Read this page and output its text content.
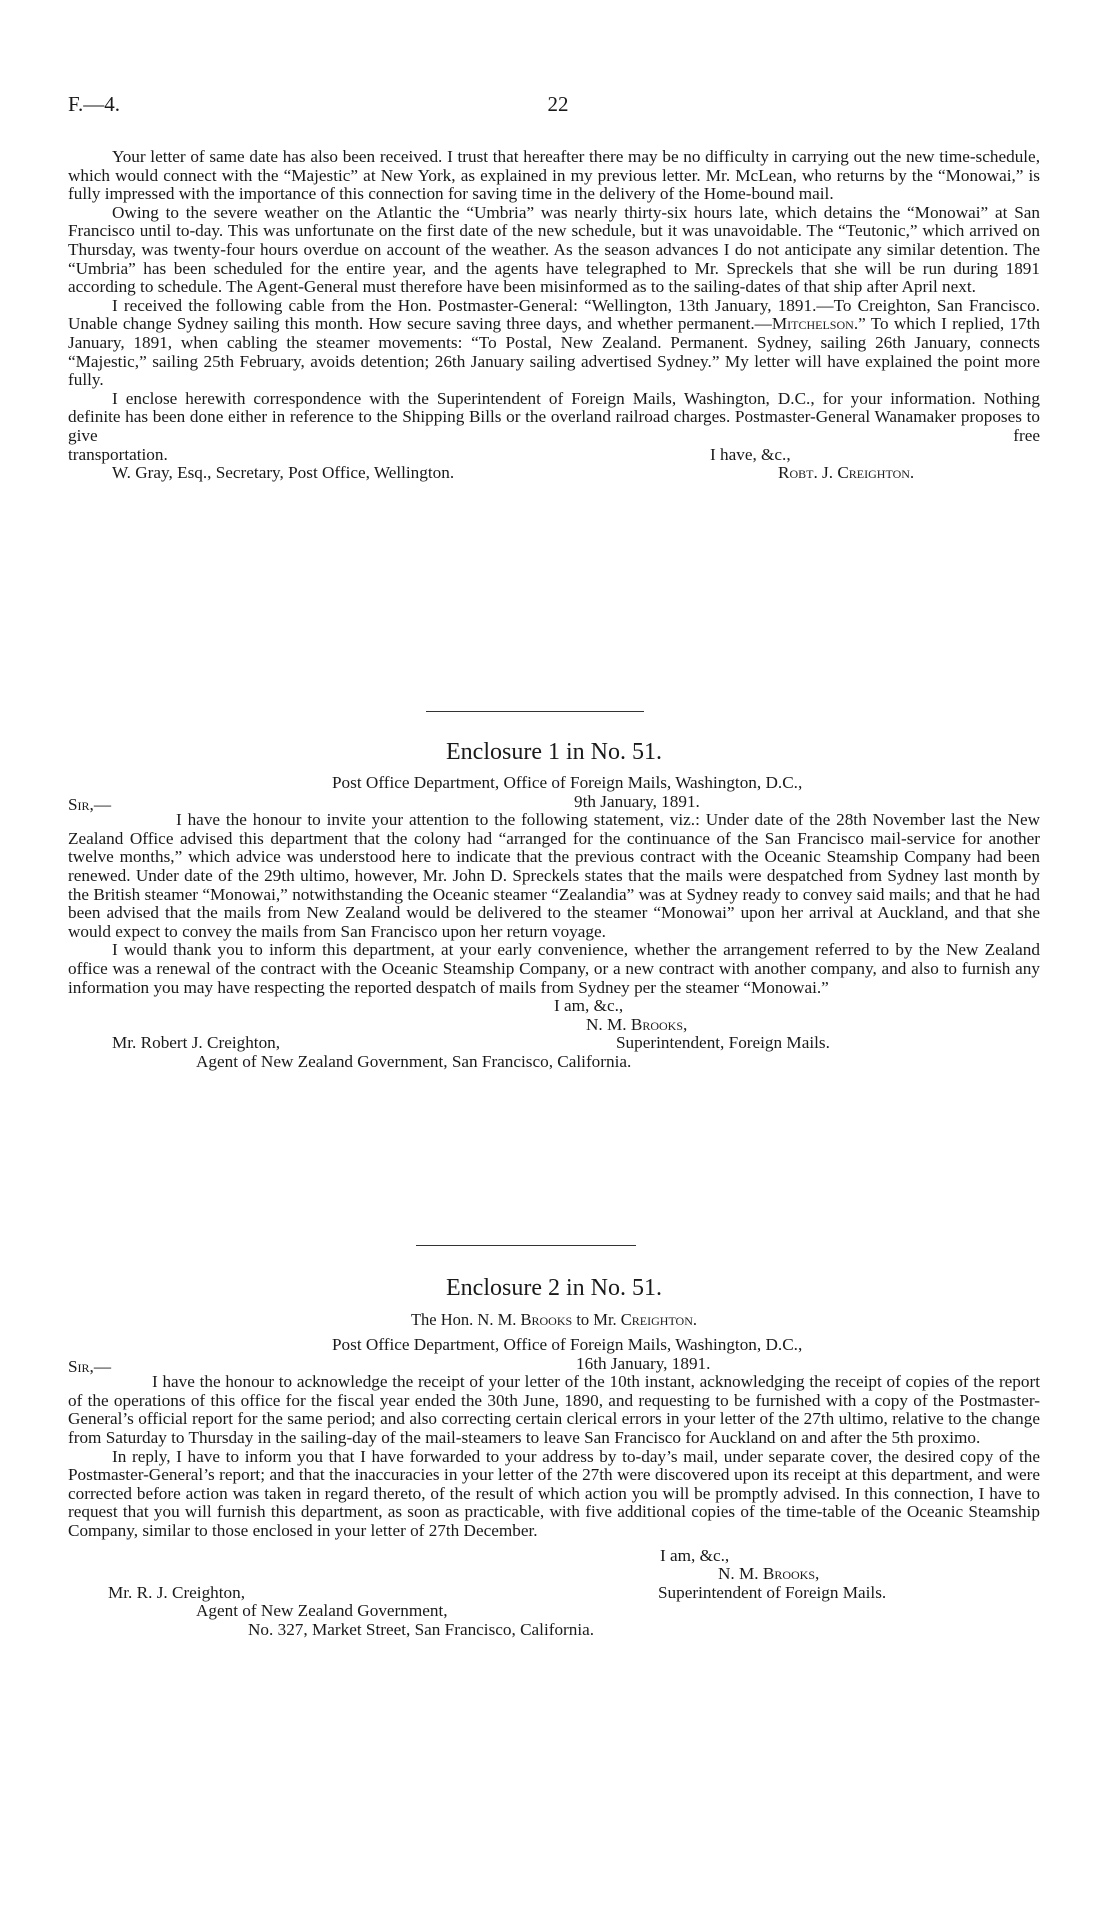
F.—4.	22

Your letter of same date has also been received. I trust that hereafter there may be no difficulty in carrying out the new time-schedule, which would connect with the “Majestic” at New York, as explained in my previous letter. Mr. McLean, who returns by the “Monowai,” is fully impressed with the importance of this connection for saving time in the delivery of the Home-bound mail.

Owing to the severe weather on the Atlantic the “Umbria” was nearly thirty-six hours late, which detains the “Monowai” at San Francisco until to-day. This was unfortunate on the first date of the new schedule, but it was unavoidable. The “Teutonic,” which arrived on Thursday, was twenty-four hours overdue on account of the weather. As the season advances I do not anticipate any similar detention. The “Umbria” has been scheduled for the entire year, and the agents have telegraphed to Mr. Spreckels that she will be run during 1891 according to schedule. The Agent-General must therefore have been misinformed as to the sailing-dates of that ship after April next.

I received the following cable from the Hon. Postmaster-General: “Wellington, 13th January, 1891.—To Creighton, San Francisco. Unable change Sydney sailing this month. How secure saving three days, and whether permanent.—Mitchelson.” To which I replied, 17th January, 1891, when cabling the steamer movements: “To Postal, New Zealand. Permanent. Sydney, sailing 26th January, connects “Majestic,” sailing 25th February, avoids detention; 26th January sailing advertised Sydney.” My letter will have explained the point more fully.

I enclose herewith correspondence with the Superintendent of Foreign Mails, Washington, D.C., for your information. Nothing definite has been done either in reference to the Shipping Bills or the overland railroad charges. Postmaster-General Wanamaker proposes to give free

transportation.	I have, &c.,
W. Gray, Esq., Secretary, Post Office, Wellington.	Robt. J. Creighton.
Enclosure 1 in No. 51.
Post Office Department, Office of Foreign Mails, Washington, D.C.,
Sir,—	9th January, 1891.

I have the honour to invite your attention to the following statement, viz.: Under date of the 28th November last the New Zealand Office advised this department that the colony had “arranged for the continuance of the San Francisco mail-service for another twelve months,” which advice was understood here to indicate that the previous contract with the Oceanic Steamship Company had been renewed. Under date of the 29th ultimo, however, Mr. John D. Spreckels states that the mails were despatched from Sydney last month by the British steamer “Monowai,” notwithstanding the Oceanic steamer “Zealandia” was at Sydney ready to convey said mails; and that he had been advised that the mails from New Zealand would be delivered to the steamer “Monowai” upon her arrival at Auckland, and that she would expect to convey the mails from San Francisco upon her return voyage.

I would thank you to inform this department, at your early convenience, whether the arrangement referred to by the New Zealand office was a renewal of the contract with the Oceanic Steamship Company, or a new contract with another company, and also to furnish any information you may have respecting the reported despatch of mails from Sydney per the steamer “Monowai.”

I am, &c.,
N. M. Brooks,
Mr. Robert J. Creighton,	Superintendent, Foreign Mails.
Agent of New Zealand Government, San Francisco, California.
Enclosure 2 in No. 51.
The Hon. N. M. Brooks to Mr. Creighton.
Post Office Department, Office of Foreign Mails, Washington, D.C.,
Sir,—	16th January, 1891.

I have the honour to acknowledge the receipt of your letter of the 10th instant, acknowledging the receipt of copies of the report of the operations of this office for the fiscal year ended the 30th June, 1890, and requesting to be furnished with a copy of the Postmaster-General’s official report for the same period; and also correcting certain clerical errors in your letter of the 27th ultimo, relative to the change from Saturday to Thursday in the sailing-day of the mail-steamers to leave San Francisco for Auckland on and after the 5th proximo.

In reply, I have to inform you that I have forwarded to your address by to-day’s mail, under separate cover, the desired copy of the Postmaster-General’s report; and that the inaccuracies in your letter of the 27th were discovered upon its receipt at this department, and were corrected before action was taken in regard thereto, of the result of which action you will be promptly advised. In this connection, I have to request that you will furnish this department, as soon as practicable, with five additional copies of the time-table of the Oceanic Steamship Company, similar to those enclosed in your letter of 27th December.

I am, &c.,
N. M. Brooks,
Mr. R. J. Creighton,	Superintendent of Foreign Mails.
Agent of New Zealand Government,
No. 327, Market Street, San Francisco, California.
